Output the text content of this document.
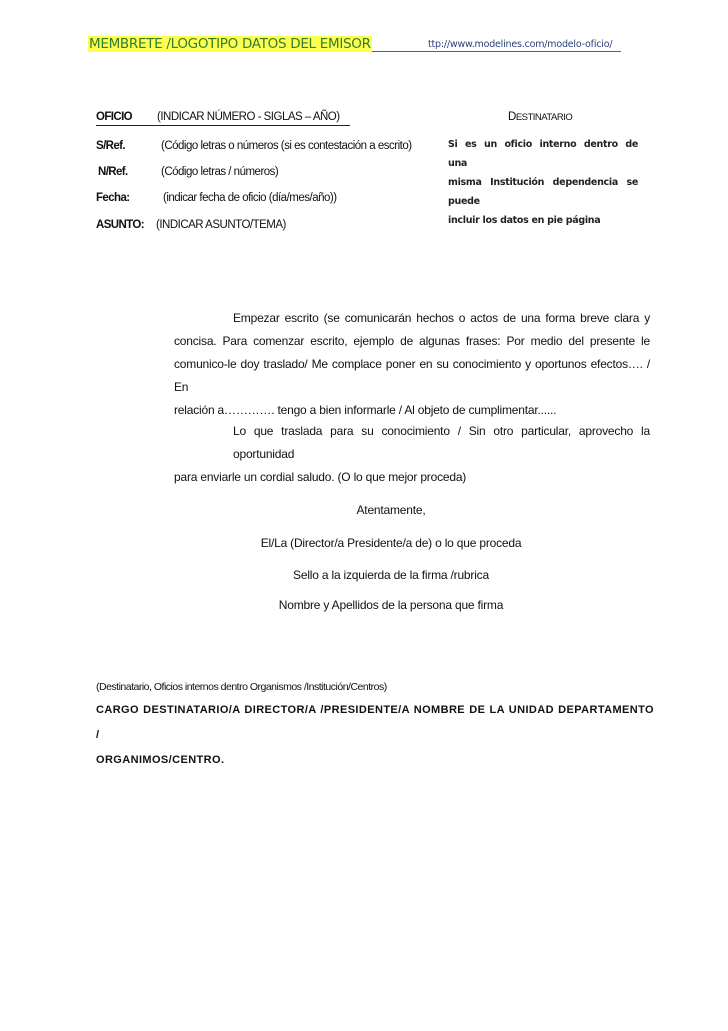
MEMBRETE /LOGOTIPO DATOS DEL EMISOR	ttp://www.modelines.com/modelo-oficio/
OFICIO (INDICAR NÚMERO - SIGLAS – AÑO)
S/Ref.	(Código letras o números (si es contestación a escrito)
N/Ref.	(Código letras / números)
Fecha:	(indicar fecha de oficio (día/mes/año))
ASUNTO: (INDICAR ASUNTO/TEMA)
DESTINATARIO
Si es un oficio interno dentro de una
misma Institución dependencia se puede
incluir los datos en pie página
Empezar escrito (se comunicarán hechos o actos de una forma breve clara y
concisa. Para comenzar escrito, ejemplo de algunas frases: Por medio del presente le
comunico-le doy traslado/ Me complace poner en su conocimiento y oportunos efectos…. / En
relación a…………. tengo a bien informarle / Al objeto de cumplimentar......
Lo que traslada para su conocimiento / Sin otro particular, aprovecho la oportunidad
para enviarle un cordial saludo. (O lo que mejor proceda)
Atentamente,
El/La (Director/a Presidente/a de) o lo que proceda
Sello a la izquierda de la firma /rubrica
Nombre y Apellidos de la persona que firma
(Destinatario, Oficios internos dentro Organismos /Institución/Centros)
CARGO DESTINATARIO/A DIRECTOR/A /PRESIDENTE/A NOMBRE DE LA UNIDAD DEPARTAMENTO /
ORGANIMOS/CENTRO.
